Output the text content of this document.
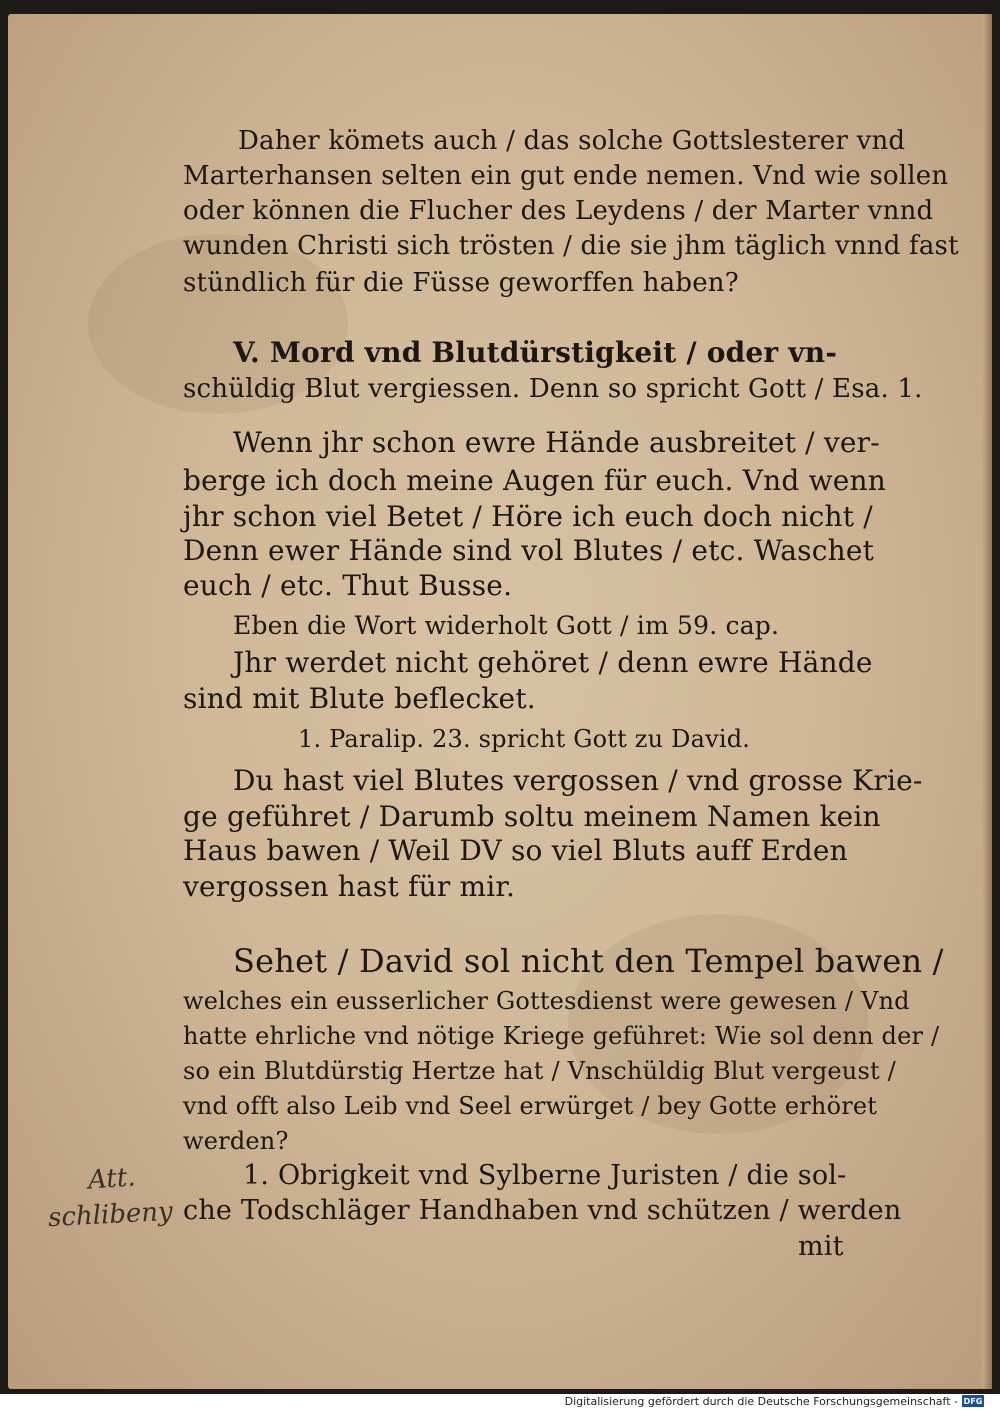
Daher kömets auch / das solche Gottslesterer vnd
Marterhansen selten ein gut ende nemen. Vnd wie sollen
oder können die Flucher des Leydens / der Marter vnnd
wunden Christi sich trösten / die sie jhm täglich vnnd fast
stündlich für die Füsse geworffen haben?
V. Mord vnd Blutdürstigkeit / oder vn-
schüldig Blut vergiessen. Denn so spricht Gott / Esa. 1.
Wenn jhr schon ewre Hände ausbreitet / ver-
berge ich doch meine Augen für euch. Vnd wenn
jhr schon viel Betet / Höre ich euch doch nicht /
Denn ewer Hände sind vol Blutes / etc. Waschet
euch / etc. Thut Busse.
Eben die Wort widerholt Gott / im 59. cap.
Jhr werdet nicht gehöret / denn ewre Hände
sind mit Blute beflecket.
1. Paralip. 23. spricht Gott zu David.
Du hast viel Blutes vergossen / vnd grosse Krie-
ge geführet / Darumb soltu meinem Namen kein
Haus bawen / Weil DV so viel Bluts auff Erden
vergossen hast für mir.
Sehet / David sol nicht den Tempel bawen /
welches ein eusserlicher Gottesdienst were gewesen / Vnd
hatte ehrliche vnd nötige Kriege geführet: Wie sol denn der /
so ein Blutdürstig Hertze hat / Vnschüldig Blut vergeust /
vnd offt also Leib vnd Seel erwürget / bey Gotte erhöret
werden?
1. Obrigkeit vnd Sylberne Juristen / die sol-
che Todschläger Handhaben vnd schützen / werden
mit
Att.
schlibeny
Digitalisierung gefördert durch die Deutsche Forschungsgemeinschaft - DFG
